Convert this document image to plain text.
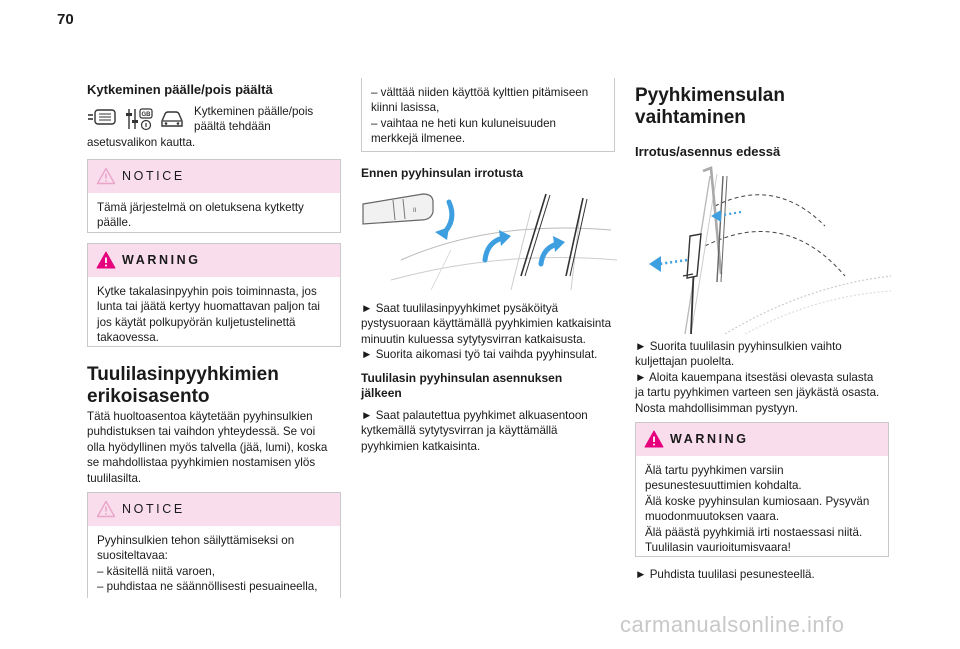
70
Kytkeminen päälle/pois päältä
GB	Kytkeminen päälle/pois
päältä tehdään
asetusvalikon kautta.
NOTICE
Tämä järjestelmä on oletuksena kytketty
päälle.
WARNING
Kytke takalasinpyyhin pois toiminnasta, jos
lunta tai jäätä kertyy huomattavan paljon tai
jos käytät polkupyörän kuljetustelinettä
takaovessa.
Tuulilasinpyyhkimien
erikoisasento
Tätä huoltoasentoa käytetään pyyhinsulkien
puhdistuksen tai vaihdon yhteydessä. Se voi
olla hyödyllinen myös talvella (jää, lumi), koska
se mahdollistaa pyyhkimien nostamisen ylös
tuulilasilta.
NOTICE
Pyyhinsulkien tehon säilyttämiseksi on
suositeltavaa:
– käsitellä niitä varoen,
– puhdistaa ne säännöllisesti pesuaineella,
– välttää niiden käyttöä kylttien pitämiseen
kiinni lasissa,
– vaihtaa ne heti kun kuluneisuuden
merkkejä ilmenee.
Ennen pyyhinsulan irrotusta
II
► Saat tuulilasinpyyhkimet pysäköityä
pystysuoraan käyttämällä pyyhkimien katkaisinta
minuutin kuluessa sytytysvirran katkaisusta.
► Suorita aikomasi työ tai vaihda pyyhinsulat.
Tuulilasin pyyhinsulan asennuksen
jälkeen
► Saat palautettua pyyhkimet alkuasentoon
kytkemällä sytytysvirran ja käyttämällä
pyyhkimien katkaisinta.
Pyyhkimensulan
vaihtaminen
Irrotus/asennus edessä
► Suorita tuulilasin pyyhinsulkien vaihto
kuljettajan puolelta.
► Aloita kauempana itsestäsi olevasta sulasta
ja tartu pyyhkimen varteen sen jäykästä osasta.
Nosta mahdollisimman pystyyn.
WARNING
Älä tartu pyyhkimen varsiin
pesunestesuuttimien kohdalta.
Älä koske pyyhinsulan kumiosaan. Pysyvän
muodonmuutoksen vaara.
Älä päästä pyyhkimiä irti nostaessasi niitä.
Tuulilasin vaurioitumisvaara!
► Puhdista tuulilasi pesunesteellä.
carmanualsonline.info
